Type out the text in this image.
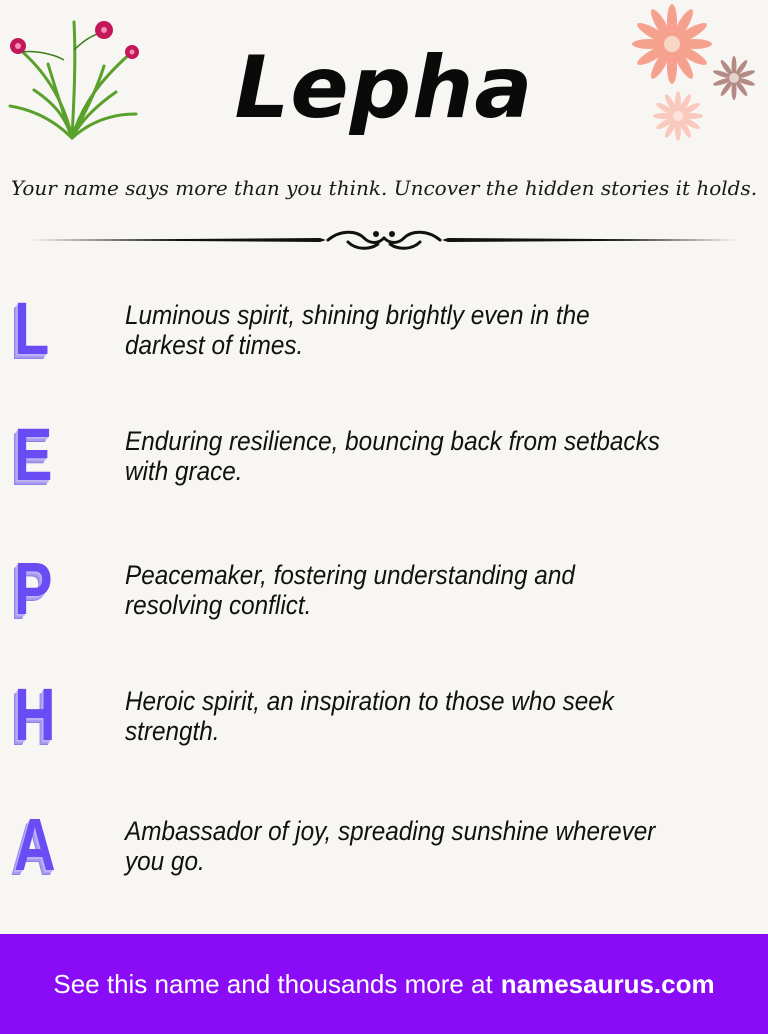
Lepha
Your name says more than you think. Uncover the hidden stories it holds.
L	Luminous spirit, shining brightly even in the darkest of times.
E	Enduring resilience, bouncing back from setbacks with grace.
P	Peacemaker, fostering understanding and resolving conflict.
H	Heroic spirit, an inspiration to those who seek strength.
A	Ambassador of joy, spreading sunshine wherever you go.
See this name and thousands more at namesaurus.com
